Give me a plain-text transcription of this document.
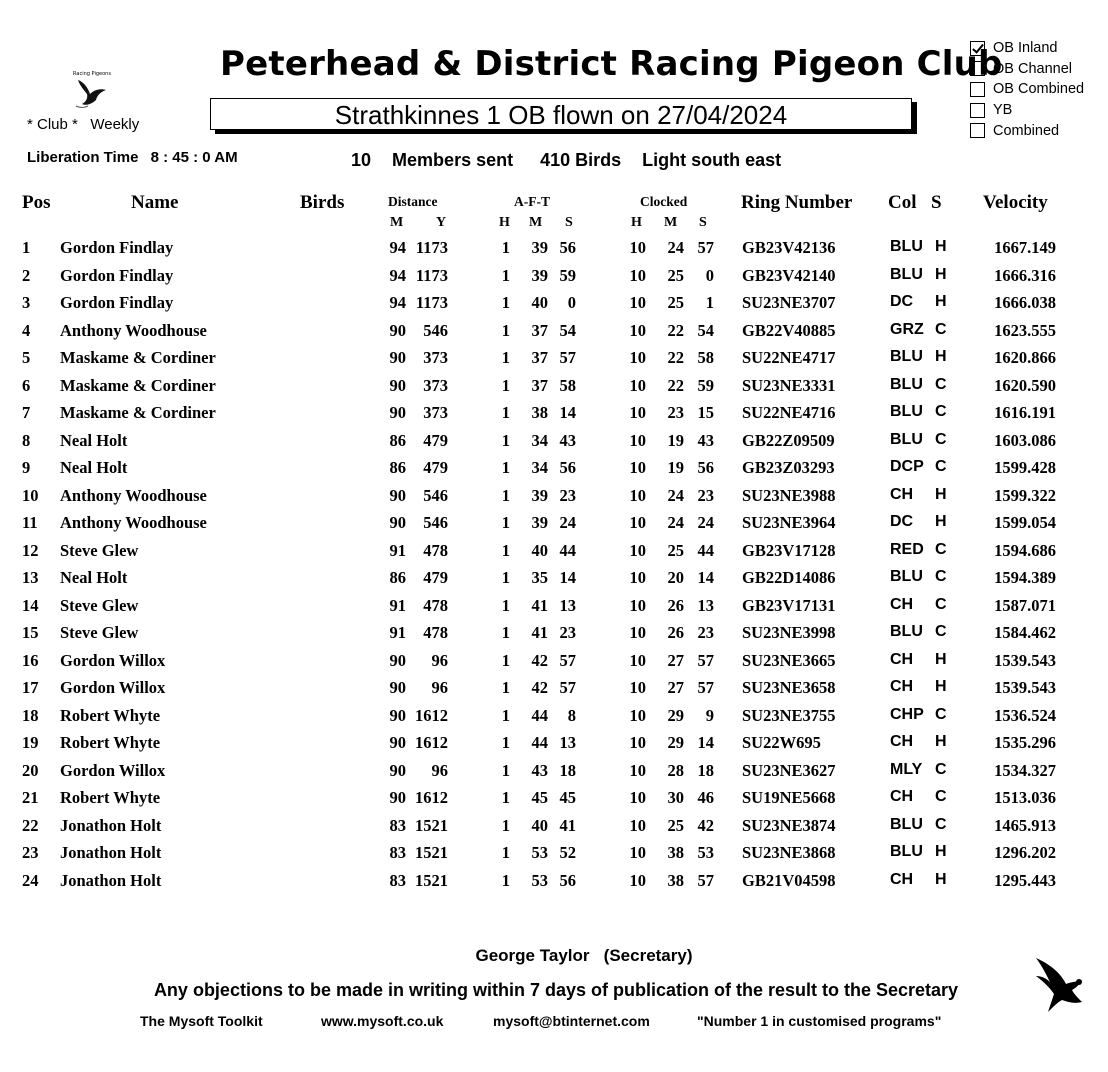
Racing Pigeons
* Club *   Weekly
Peterhead & District Racing Pigeon Club
Strathkinnes 1 OB flown on 27/04/2024
OB Inland
OB Channel
OB Combined
YB
Combined
Liberation Time 8 : 45 : 0 AM	10 Members sent 410 Birds Light south east
Pos	Name	Birds	Distance
M Y
A-F-T
H M S
Clocked
H M S
Ring Number Col S Velocity
1 Gordon Findlay	94 1173	1	39 56	10	24 57 GB23V42136	BLU H	1667.149
2 Gordon Findlay	94 1173	1	39 59	10	25	0 GB23V42140	BLU H	1666.316
3 Gordon Findlay	94 1173	1	40	0	10	25	1 SU23NE3707	DC H	1666.038
4 Anthony Woodhouse	90	546	1	37 54	10	22 54 GB22V40885	GRZ C	1623.555
5 Maskame & Cordiner	90	373	1	37 57	10	22 58 SU22NE4717	BLU H	1620.866
6 Maskame & Cordiner	90	373	1	37 58	10	22 59 SU23NE3331	BLU C	1620.590
7 Maskame & Cordiner	90	373	1	38 14	10	23 15 SU22NE4716	BLU C	1616.191
8 Neal Holt	86	479	1	34 43	10	19 43 GB22Z09509	BLU C	1603.086
9 Neal Holt	86	479	1	34 56	10	19 56 GB23Z03293	DCP C	1599.428
10 Anthony Woodhouse	90	546	1	39 23	10	24 23 SU23NE3988	CH H	1599.322
11 Anthony Woodhouse	90	546	1	39 24	10	24 24 SU23NE3964	DC H	1599.054
12 Steve Glew	91	478	1	40 44	10	25 44 GB23V17128	RED C	1594.686
13 Neal Holt	86	479	1	35 14	10	20 14 GB22D14086	BLU C	1594.389
14 Steve Glew	91	478	1	41 13	10	26 13 GB23V17131	CH C	1587.071
15 Steve Glew	91	478	1	41 23	10	26 23 SU23NE3998	BLU C	1584.462
16 Gordon Willox	90	96	1	42 57	10	27 57 SU23NE3665	CH H	1539.543
17 Gordon Willox	90	96	1	42 57	10	27 57 SU23NE3658	CH H	1539.543
18 Robert Whyte	90 1612	1	44	8	10	29	9 SU23NE3755	CHP C	1536.524
19 Robert Whyte	90 1612	1	44 13	10	29 14 SU22W695	CH H	1535.296
20 Gordon Willox	90	96	1	43 18	10	28 18 SU23NE3627	MLY C	1534.327
21 Robert Whyte	90 1612	1	45 45	10	30 46 SU19NE5668	CH C	1513.036
22 Jonathon Holt	83 1521	1	40 41	10	25 42 SU23NE3874	BLU C	1465.913
23 Jonathon Holt	83 1521	1	53 52	10	38 53 SU23NE3868	BLU H	1296.202
24 Jonathon Holt	83 1521	1	53 56	10	38 57 GB21V04598	CH H	1295.443
George Taylor   (Secretary)
Any objections to be made in writing within 7 days of publication of the result to the Secretary
The Mysoft Toolkit	www.mysoft.co.uk	mysoft@btinternet.com	"Number 1 in customised programs"
